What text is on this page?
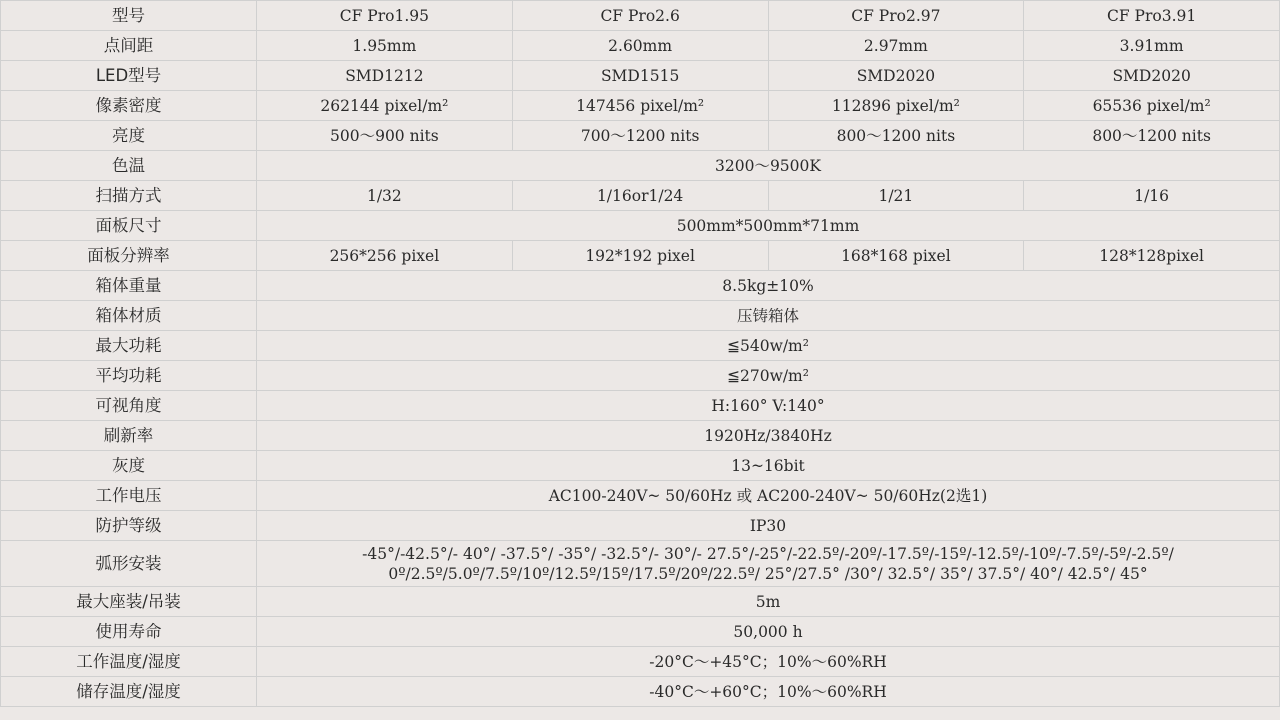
型号	CF Pro1.95	CF Pro2.6	CF Pro2.97	CF Pro3.91
点间距	1.95mm	2.60mm	2.97mm	3.91mm
LED型号	SMD1212	SMD1515	SMD2020	SMD2020
像素密度	262144 pixel/m²	147456 pixel/m²	112896 pixel/m²	65536 pixel/m²
亮度	500～900 nits	700～1200 nits	800～1200 nits	800～1200 nits
色温	3200～9500K			
扫描方式	1/32	1/16or1/24	1/21	1/16
面板尺寸	500mm*500mm*71mm			
面板分辨率	256*256 pixel	192*192 pixel	168*168 pixel	128*128pixel
箱体重量	8.5kg±10%			
箱体材质	压铸箱体			
最大功耗	≦540w/m²			
平均功耗	≦270w/m²			
可视角度	H:160° V:140°			
刷新率	1920Hz/3840Hz			
灰度	13~16bit			
工作电压	AC100-240V~ 50/60Hz 或 AC200-240V~ 50/60Hz(2选1)			
防护等级	IP30			
弧形安装	-45°/-42.5°/- 40°/ -37.5°/ -35°/ -32.5°/- 30°/- 27.5°/-25°/-22.5º/-20º/-17.5º/-15º/-12.5º/-10º/-7.5º/-5º/-2.5º/
0º/2.5º/5.0º/7.5º/10º/12.5º/15º/17.5º/20º/22.5º/ 25°/27.5° /30°/ 32.5°/ 35°/ 37.5°/ 40°/ 42.5°/ 45°			

最大座装/吊装	5m			
使用寿命	50,000 h			
工作温度/湿度	-20°C～+45°C；10%～60%RH			
储存温度/湿度	-40°C～+60°C；10%～60%RH			
